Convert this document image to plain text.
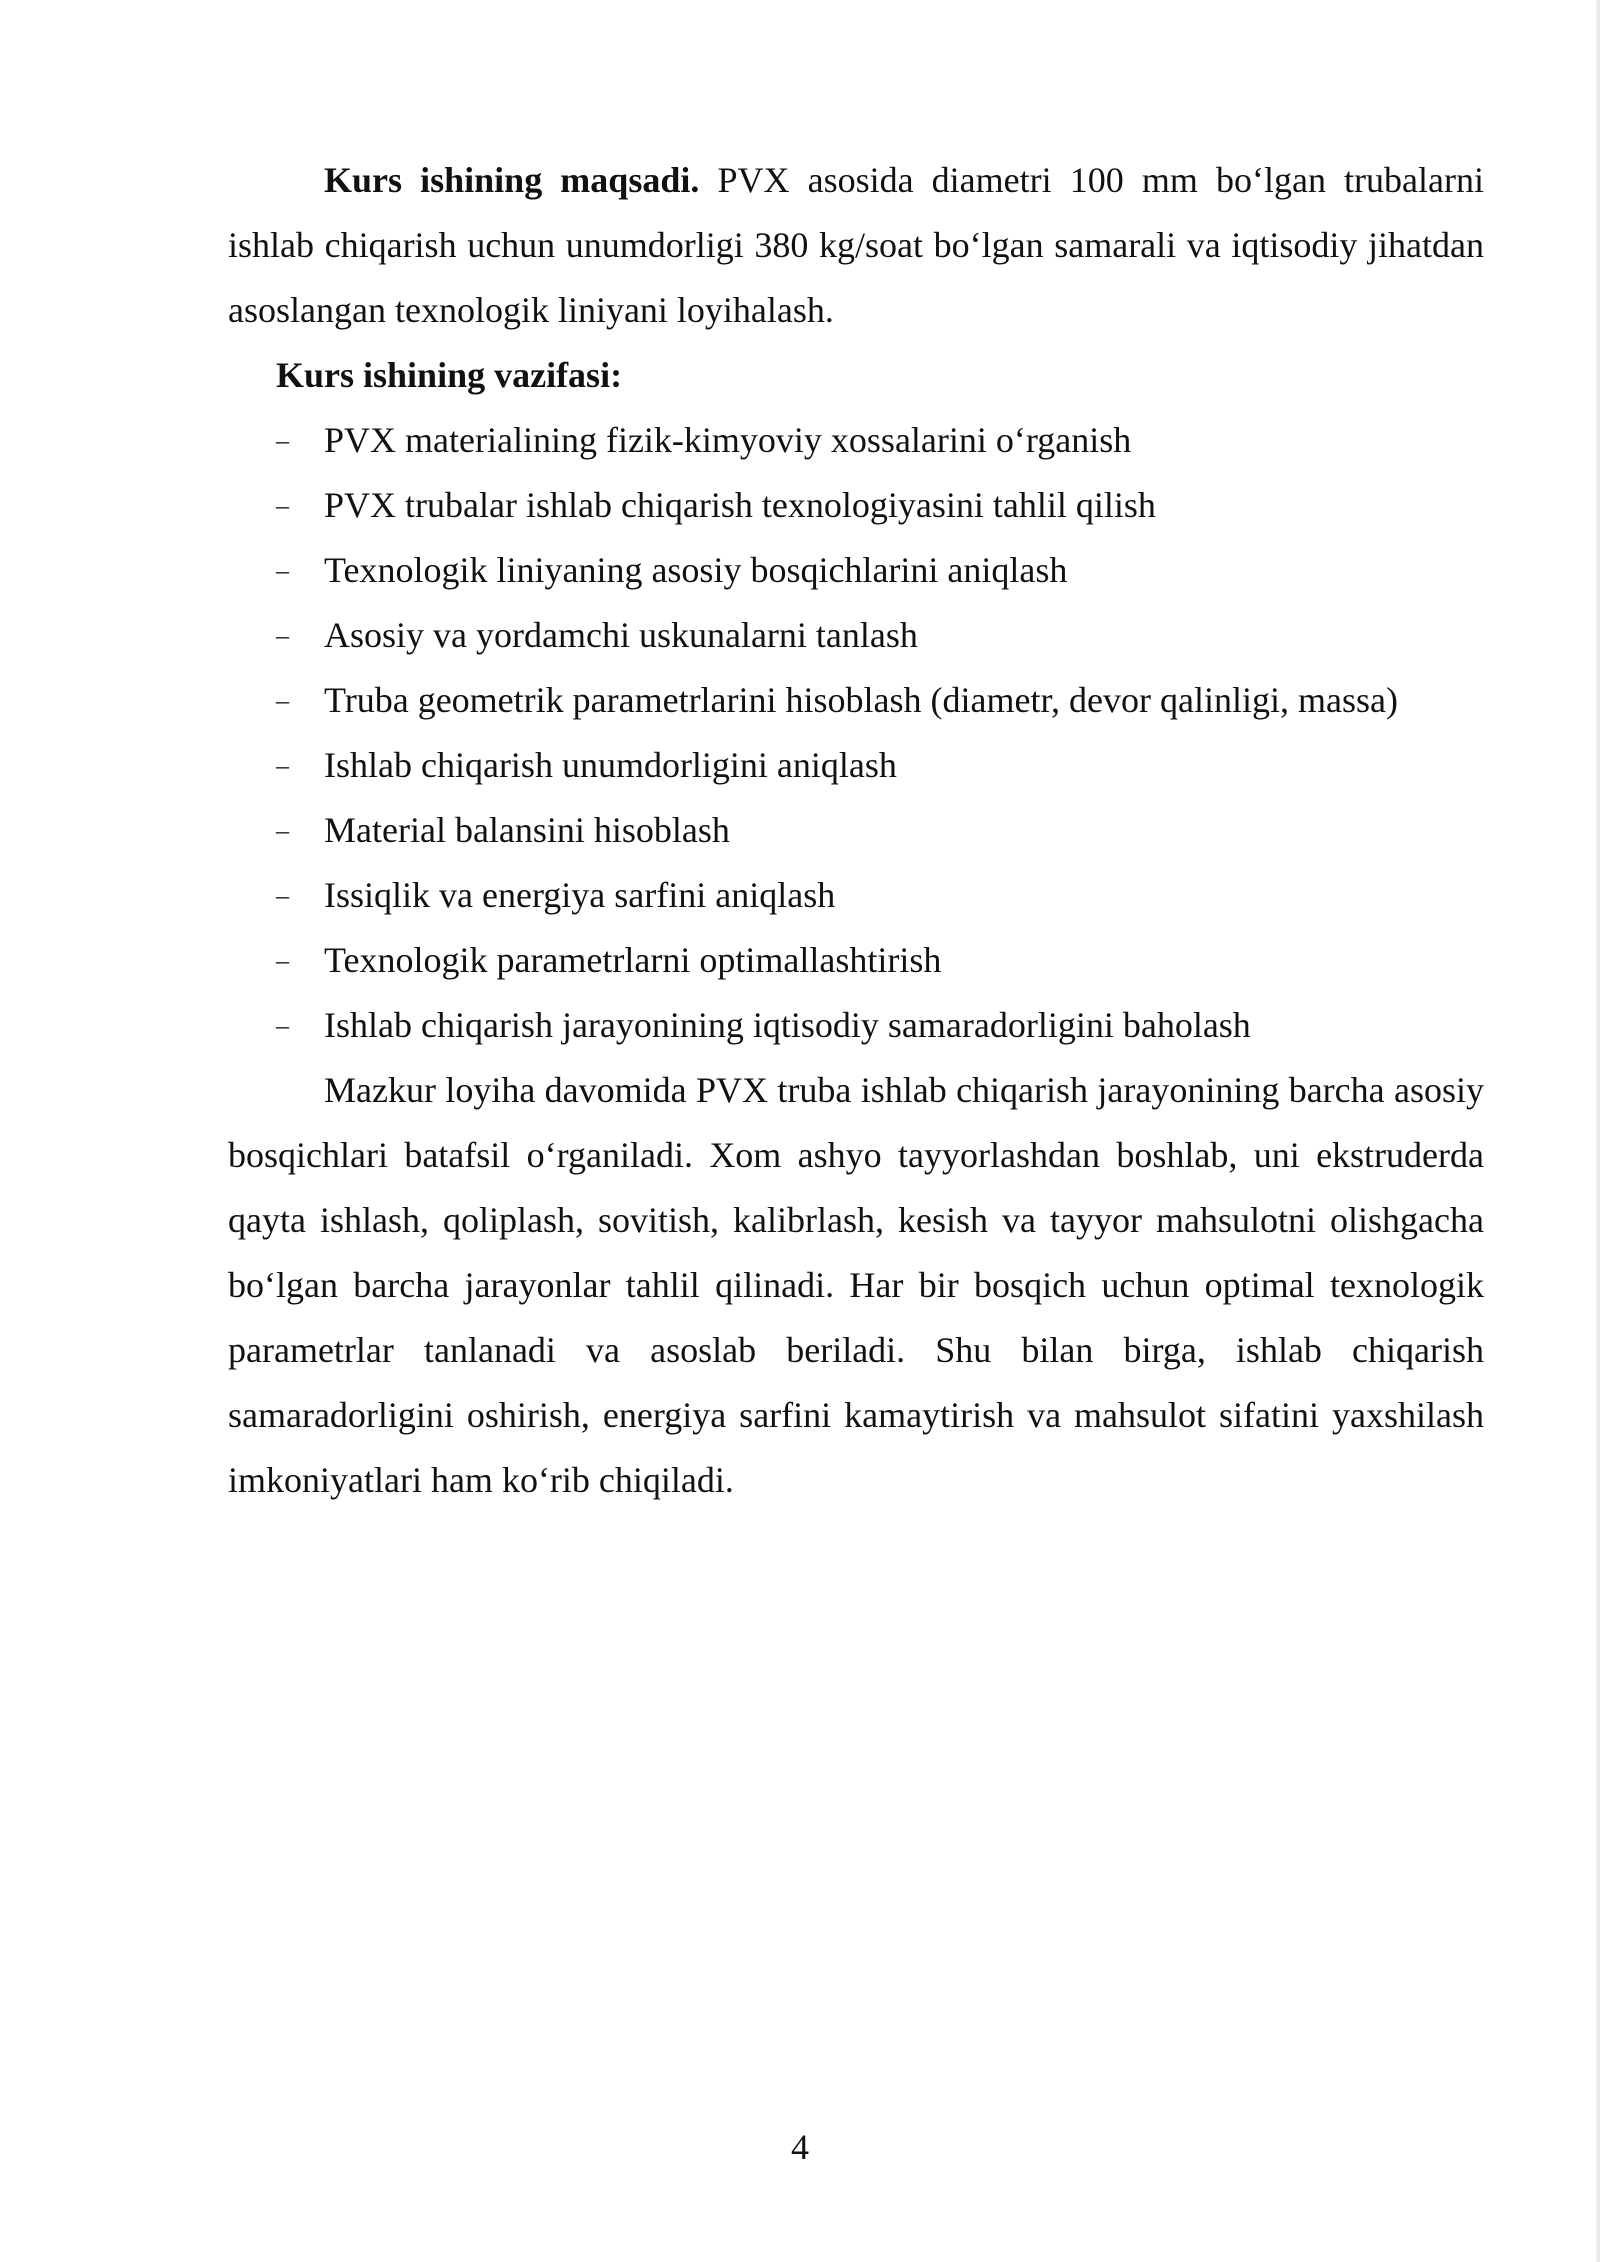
Kurs ishining maqsadi. PVX asosida diametri 100 mm bo‘lgan trubalarni ishlab chiqarish uchun unumdorligi 380 kg/soat bo‘lgan samarali va iqtisodiy jihatdan asoslangan texnologik liniyani loyihalash.

Kurs ishining vazifasi:

– PVX materialining fizik-kimyoviy xossalarini o‘rganish
– PVX trubalar ishlab chiqarish texnologiyasini tahlil qilish
– Texnologik liniyaning asosiy bosqichlarini aniqlash
– Asosiy va yordamchi uskunalarni tanlash
– Truba geometrik parametrlarini hisoblash (diametr, devor qalinligi, massa)
– Ishlab chiqarish unumdorligini aniqlash
– Material balansini hisoblash
– Issiqlik va energiya sarfini aniqlash
– Texnologik parametrlarni optimallashtirish
– Ishlab chiqarish jarayonining iqtisodiy samaradorligini baholash

Mazkur loyiha davomida PVX truba ishlab chiqarish jarayonining barcha asosiy bosqichlari batafsil o‘rganiladi. Xom ashyo tayyorlashdan boshlab, uni ekstruderda qayta ishlash, qoliplash, sovitish, kalibrlash, kesish va tayyor mahsulotni olishgacha bo‘lgan barcha jarayonlar tahlil qilinadi. Har bir bosqich uchun optimal texnologik parametrlar tanlanadi va asoslab beriladi. Shu bilan birga, ishlab chiqarish samaradorligini oshirish, energiya sarfini kamaytirish va mahsulot sifatini yaxshilash imkoniyatlari ham ko‘rib chiqiladi.

4
